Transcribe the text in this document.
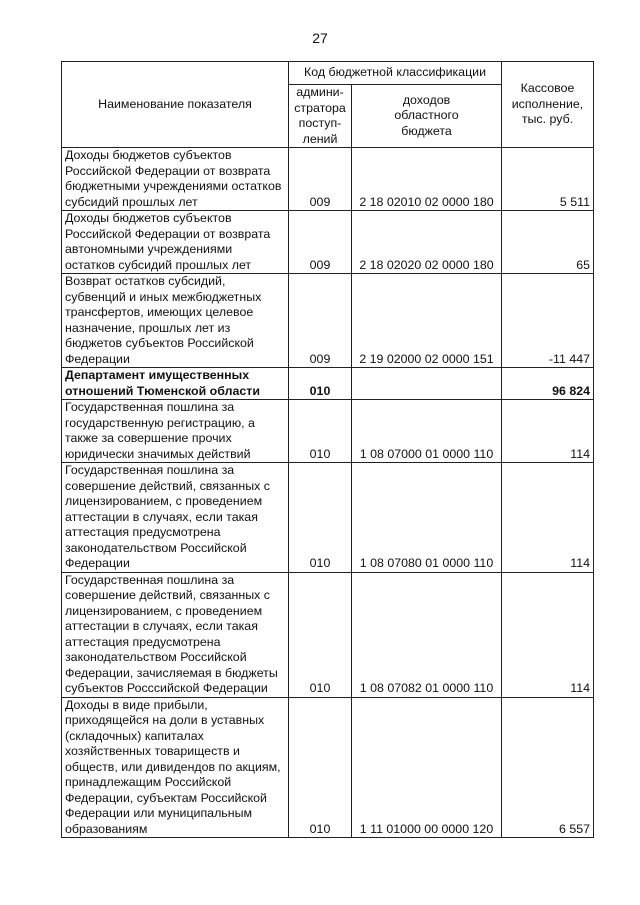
27
Наименование показателя	Код бюджетной классификации		Кассовое
исполнение,
тыс. руб.
	админи-
стратора
поступ-
лений	доходов
областного
бюджета	
Доходы бюджетов субъектов Российской Федерации от возврата бюджетными учреждениями остатков субсидий прошлых лет	009	2 18 02010 02 0000 180	5 511
Доходы бюджетов субъектов Российской Федерации от возврата автономными учреждениями остатков субсидий прошлых лет	009	2 18 02020 02 0000 180	65
Возврат остатков субсидий, субвенций и иных межбюджетных трансфертов, имеющих целевое назначение, прошлых лет из бюджетов субъектов Российской Федерации	009	2 19 02000 02 0000 151	-11 447
Департамент имущественных отношений Тюменской области	010		96 824
Государственная пошлина за государственную регистрацию, а также за совершение прочих юридически значимых действий	010	1 08 07000 01 0000 110	114
Государственная пошлина за совершение действий, связанных с лицензированием, с проведением аттестации в случаях, если такая аттестация предусмотрена законодательством Российской Федерации	010	1 08 07080 01 0000 110	114
Государственная пошлина за совершение действий, связанных с лицензированием, с проведением аттестации в случаях, если такая аттестация предусмотрена законодательством Российской Федерации, зачисляемая в бюджеты субъектов Росссийской Федерации	010	1 08 07082 01 0000 110	114
Доходы в виде прибыли, приходящейся на доли в уставных (складочных) капиталах хозяйственных товариществ и обществ, или дивидендов по акциям, принадлежащим Российской Федерации, субъектам Российской Федерации или муниципальным образованиям	010	1 11 01000 00 0000 120	6 557
